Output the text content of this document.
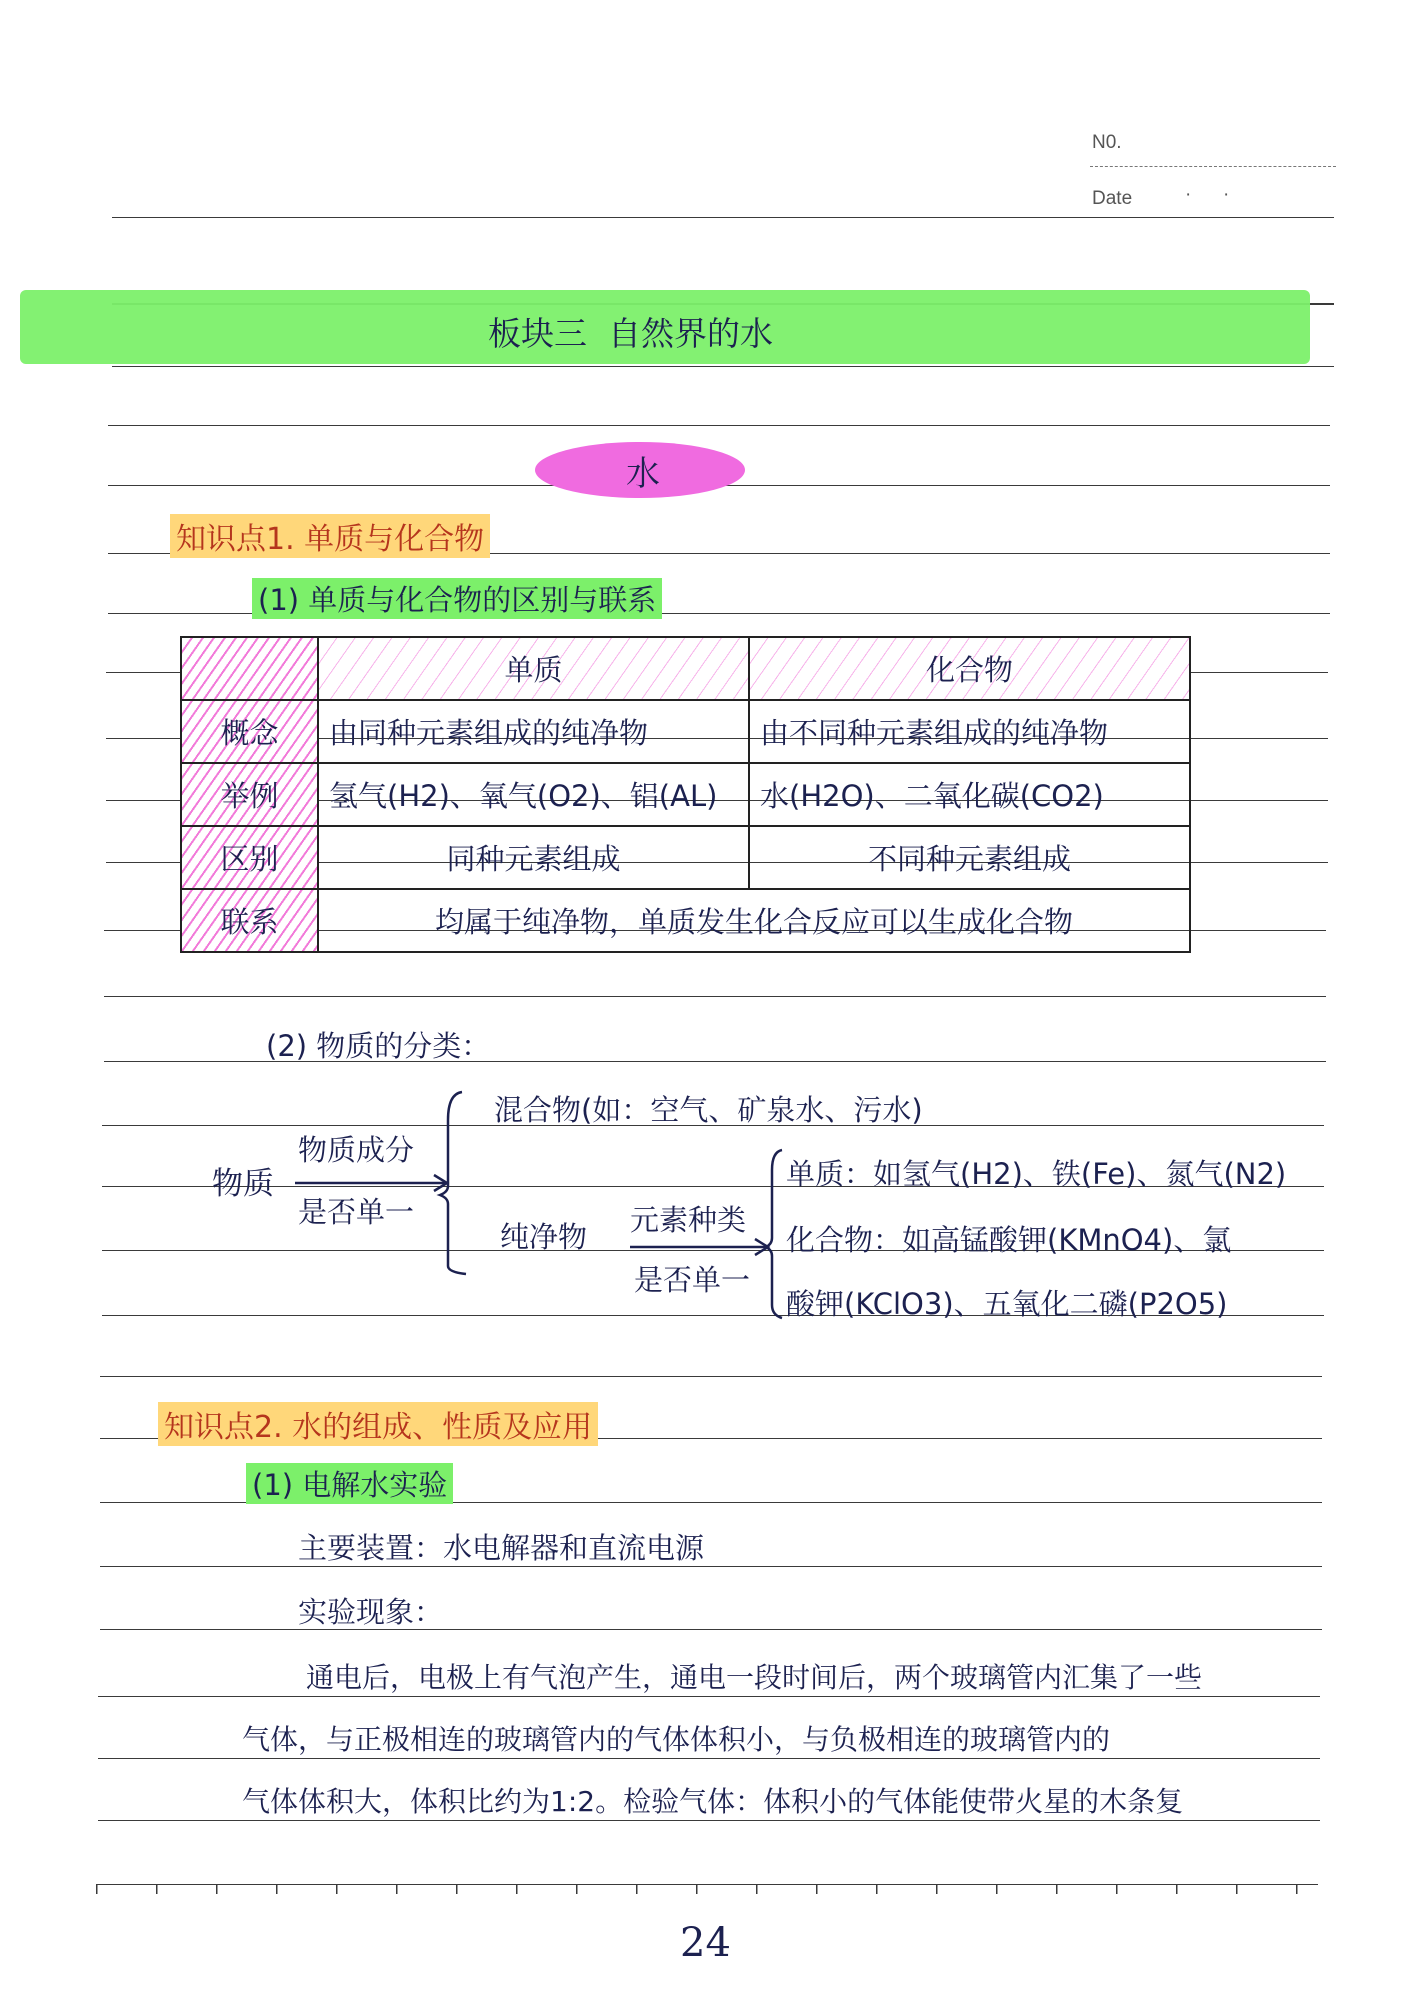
N0.
Date	·      ·
板块三  自然界的水
水
知识点1. 单质与化合物
(1) 单质与化合物的区别与联系
	单质	化合物
概念	由同种元素组成的纯净物	由不同种元素组成的纯净物
举例	氢气(H2)、氧气(O2)、铝(AL)	水(H2O)、二氧化碳(CO2)
区别	同种元素组成	不同种元素组成
联系	均属于纯净物，单质发生化合反应可以生成化合物	
(2) 物质的分类：
物质
物质成分
是否单一
混合物(如：空气、矿泉水、污水)
纯净物 元素种类
是否单一
单质：如氢气(H2)、铁(Fe)、氮气(N2)
化合物：如高锰酸钾(KMnO4)、氯
酸钾(KClO3)、五氧化二磷(P2O5)
知识点2. 水的组成、性质及应用
(1) 电解水实验
主要装置：水电解器和直流电源
实验现象：
通电后，电极上有气泡产生，通电一段时间后，两个玻璃管内汇集了一些
气体，与正极相连的玻璃管内的气体体积小，与负极相连的玻璃管内的
气体体积大，体积比约为1:2。检验气体：体积小的气体能使带火星的木条复
24
